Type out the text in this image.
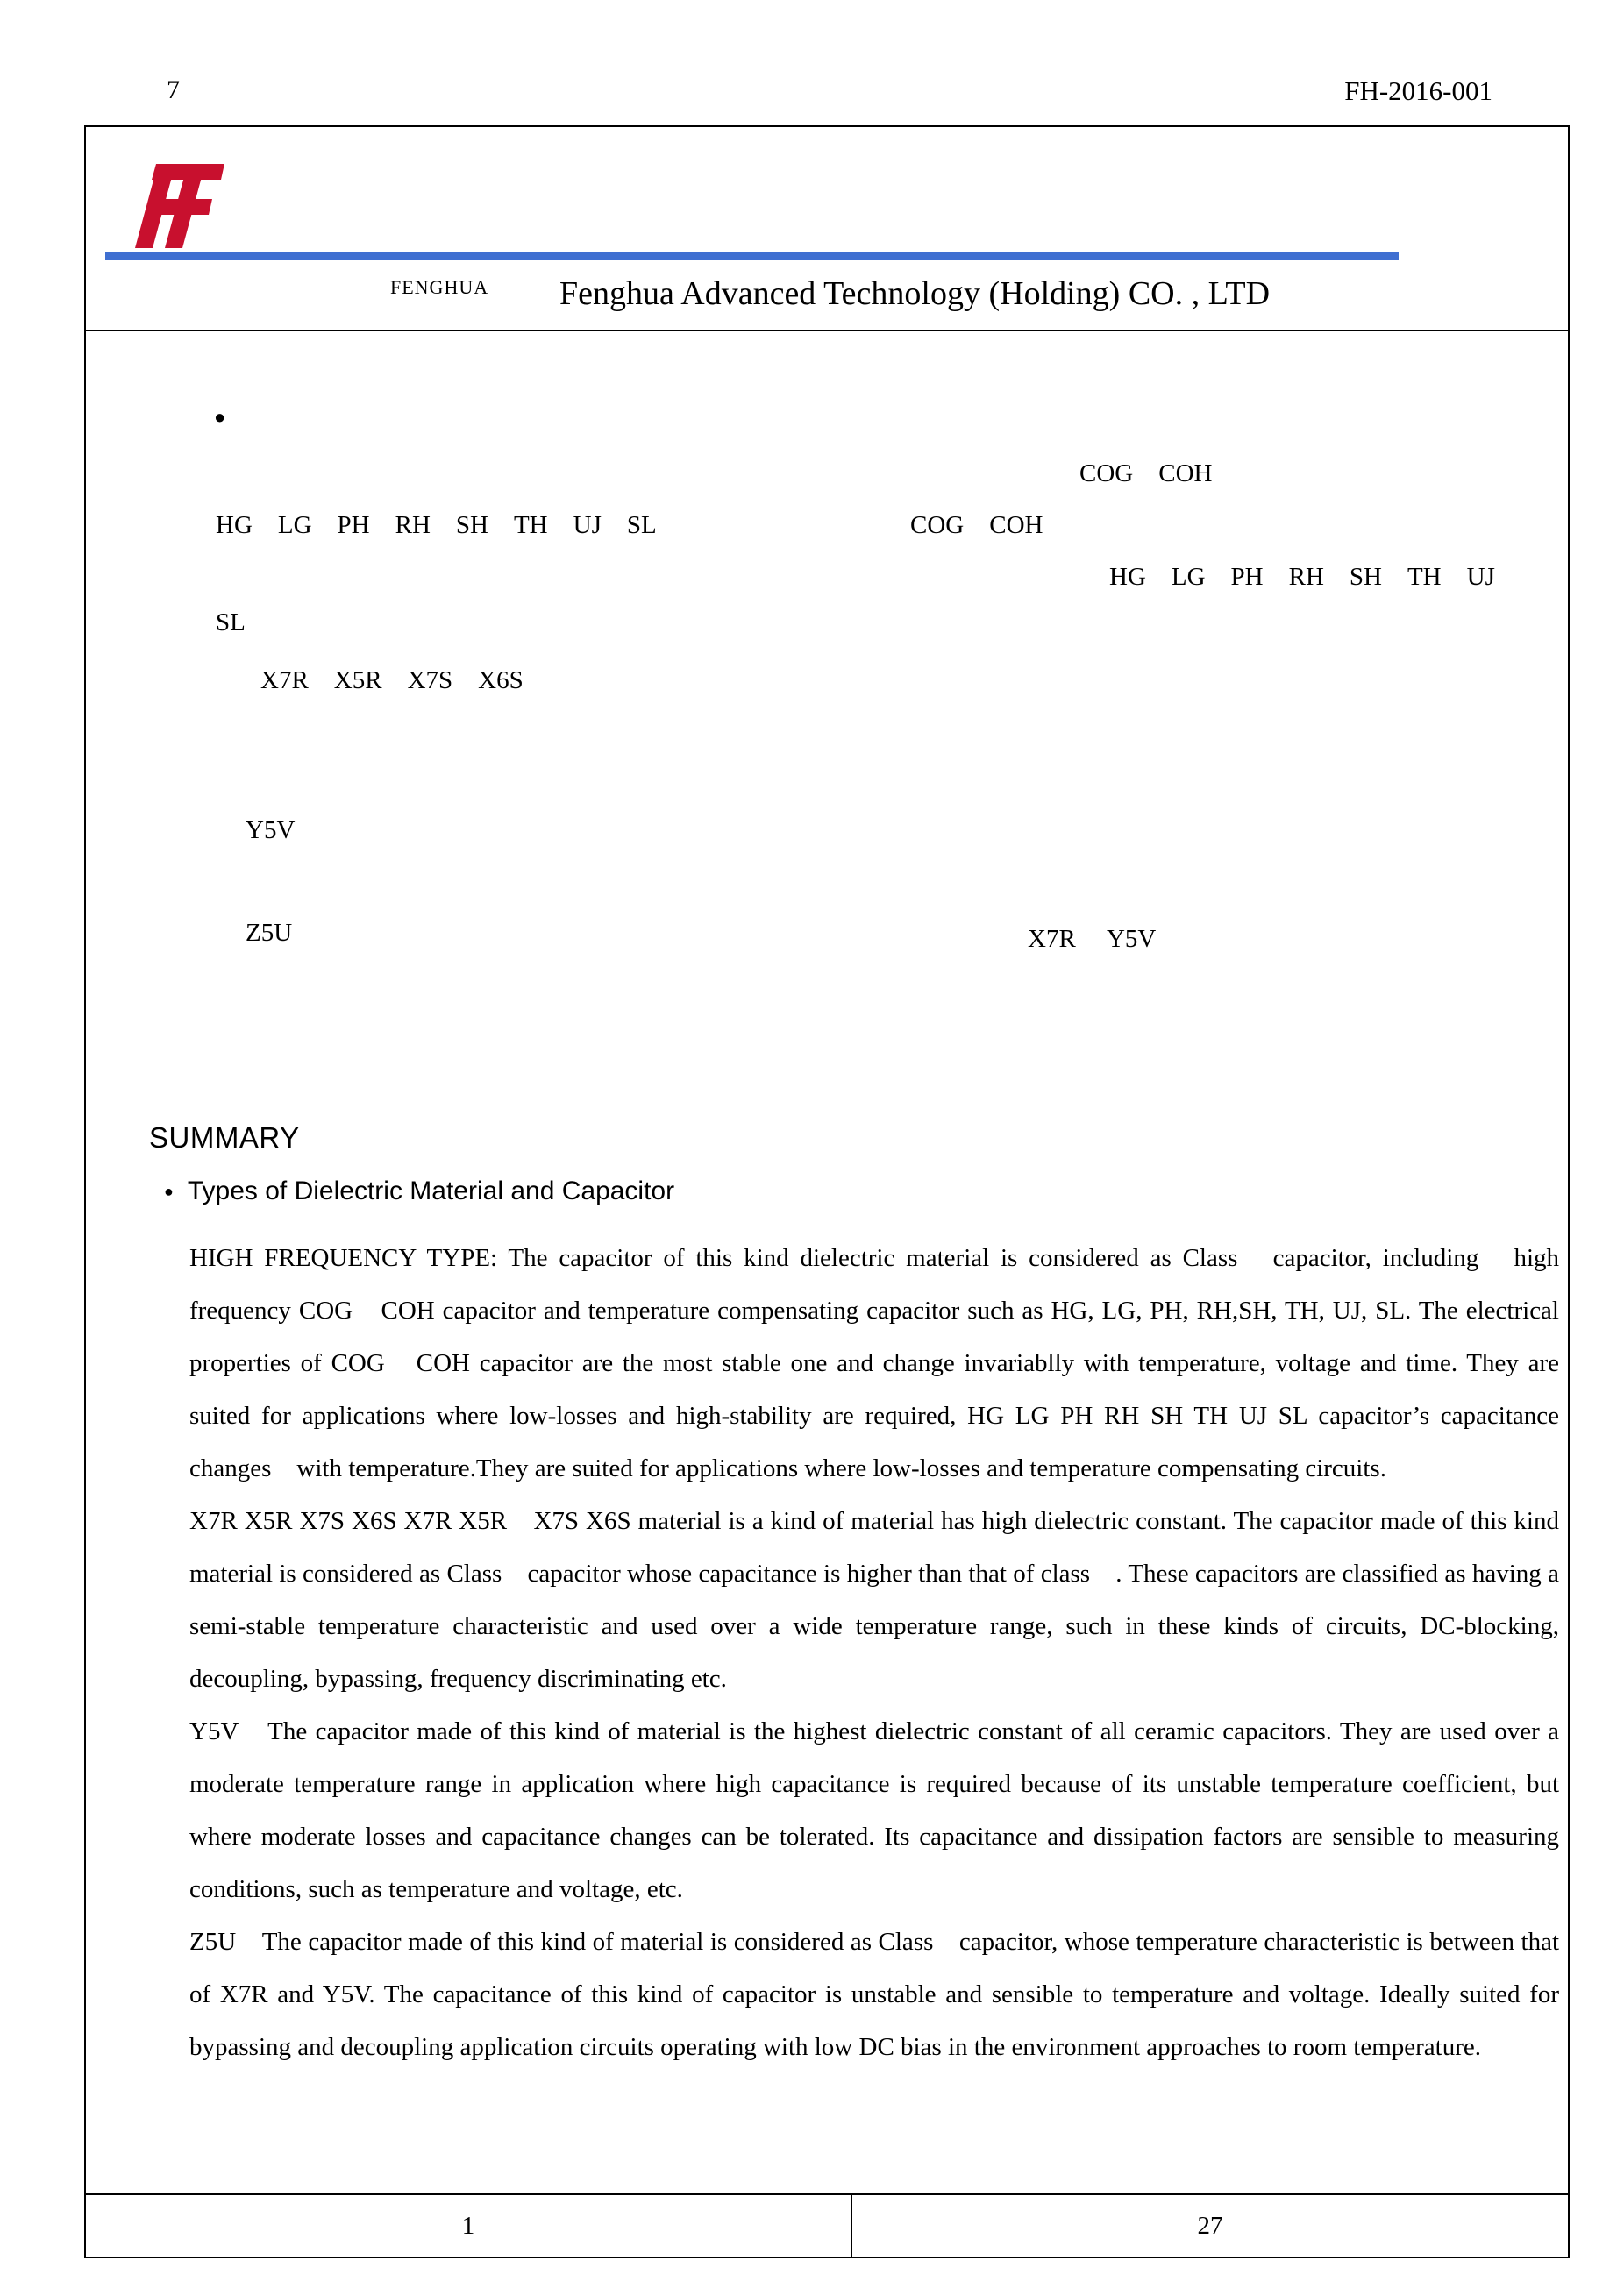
7	FH-2016-001
FENGHUA Fenghua Advanced Technology (Holding) CO. , LTD
●
COG　COH
HG　LG　PH　RH　SH　TH　UJ　SL	COG　COH
HG　LG　PH　RH　SH　TH　UJ
SL
X7R　X5R　X7S　X6S
Y5V
Z5U	X7R　 Y5V
SUMMARY
● Types of Dielectric Material and Capacitor

HIGH FREQUENCY TYPE: The capacitor of this kind dielectric material is considered as Class　capacitor, including　high frequency COG　COH capacitor and temperature compensating capacitor such as HG, LG, PH, RH,SH, TH, UJ, SL. The electrical properties of COG　COH capacitor are the most stable one and change invariablly with temperature, voltage and time. They are suited for applications where low-losses and high-stability are required, HG LG PH RH SH TH UJ SL capacitor’s capacitance changes　with temperature.They are suited for applications where low-losses and temperature compensating circuits.

X7R X5R X7S X6S X7R X5R　X7S X6S material is a kind of material has high dielectric constant. The capacitor made of this kind material is considered as Class　capacitor whose capacitance is higher than that of class　. These capacitors are classified as having a semi-stable temperature characteristic and used over a wide temperature range, such in these kinds of circuits, DC-blocking, decoupling, bypassing, frequency discriminating etc.

Y5V　The capacitor made of this kind of material is the highest dielectric constant of all ceramic capacitors. They are used over a moderate temperature range in application where high capacitance is required because of its unstable temperature coefficient, but where moderate losses and capacitance changes can be tolerated. Its capacitance and dissipation factors are sensible to measuring conditions, such as temperature and voltage, etc.

Z5U　The capacitor made of this kind of material is considered as Class　capacitor, whose temperature characteristic is between that of X7R and Y5V. The capacitance of this kind of capacitor is unstable and sensible to temperature and voltage. Ideally suited for bypassing and decoupling application circuits operating with low DC bias in the environment approaches to room temperature.

1	27
